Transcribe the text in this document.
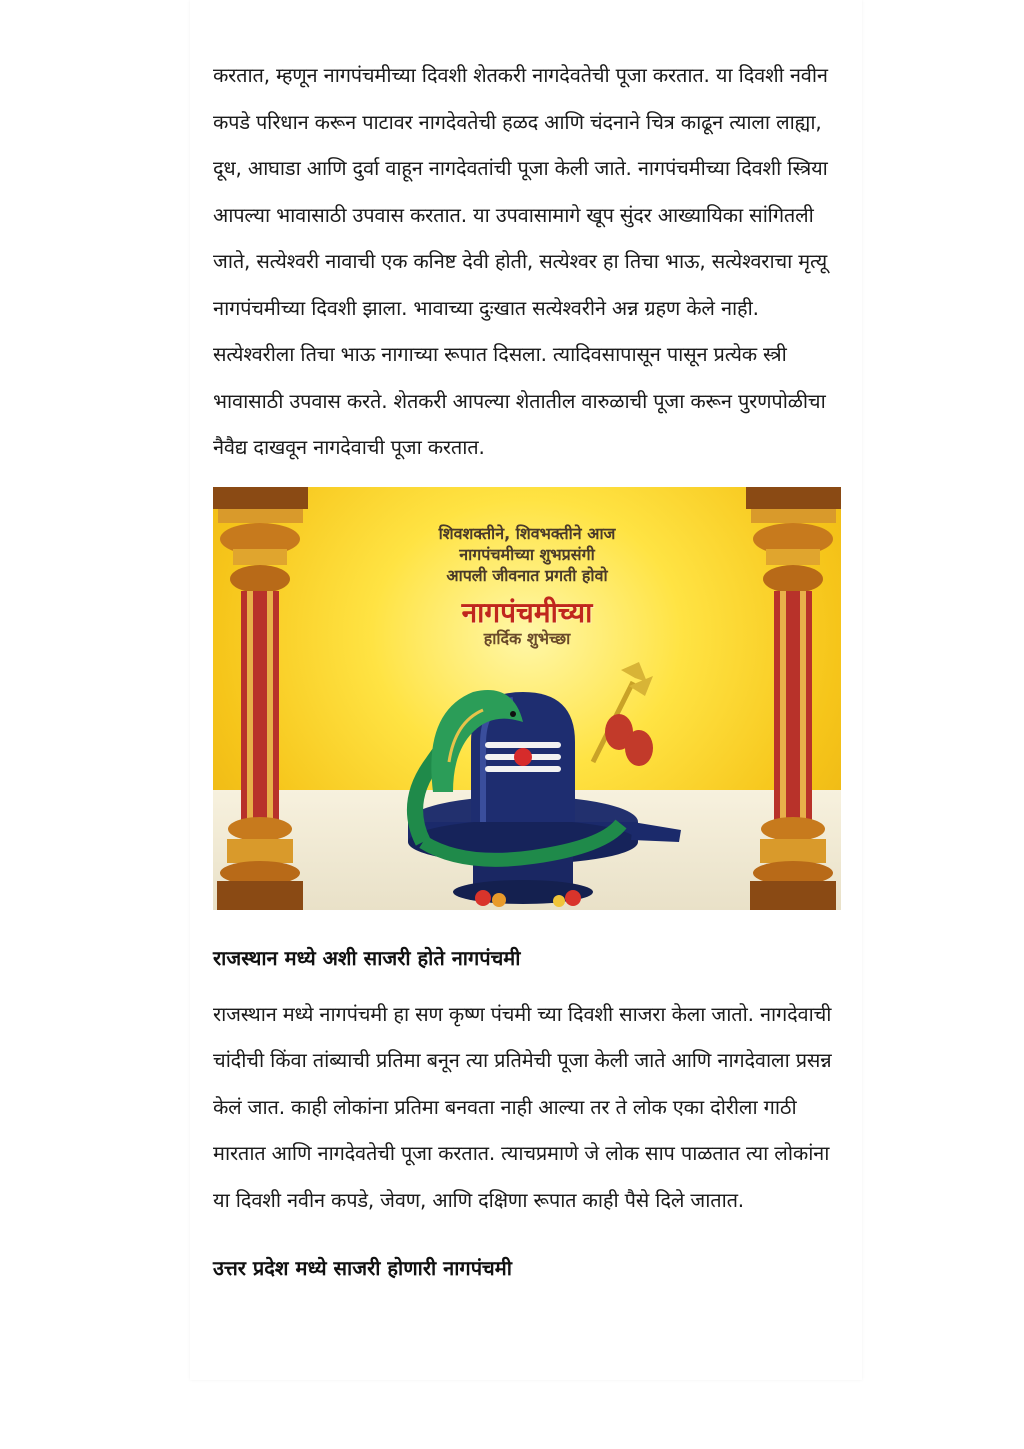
करतात, म्हणून नागपंचमीच्या दिवशी शेतकरी नागदेवतेची पूजा करतात. या दिवशी नवीन कपडे परिधान करून पाटावर नागदेवतेची हळद आणि चंदनाने चित्र काढून त्याला लाह्या, दूध, आघाडा आणि दुर्वा वाहून नागदेवतांची पूजा केली जाते. नागपंचमीच्या दिवशी स्त्रिया आपल्या भावासाठी उपवास करतात. या उपवासामागे खूप सुंदर आख्यायिका सांगितली जाते, सत्येश्वरी नावाची एक कनिष्ट देवी होती, सत्येश्वर हा तिचा भाऊ, सत्येश्वराचा मृत्यू नागपंचमीच्या दिवशी झाला. भावाच्या दुःखात सत्येश्वरीने अन्न ग्रहण केले नाही. सत्येश्वरीला तिचा भाऊ नागाच्या रूपात दिसला. त्यादिवसापासून पासून प्रत्येक स्त्री भावासाठी उपवास करते. शेतकरी आपल्या शेतातील वारुळाची पूजा करून पुरणपोळीचा नैवैद्य दाखवून नागदेवाची पूजा करतात.

शिवशक्तीने, शिवभक्तीने आज
नागपंचमीच्या शुभप्रसंगी
आपली जीवनात प्रगती होवो
नागपंचमीच्या
हार्दिक शुभेच्छा
राजस्थान मध्ये अशी साजरी होते नागपंचमी

राजस्थान मध्ये नागपंचमी हा सण कृष्ण पंचमी च्या दिवशी साजरा केला जातो. नागदेवाची चांदीची किंवा तांब्याची प्रतिमा बनून त्या प्रतिमेची पूजा केली जाते आणि नागदेवाला प्रसन्न केलं जात. काही लोकांना प्रतिमा बनवता नाही आल्या तर ते लोक एका दोरीला गाठी मारतात आणि नागदेवतेची पूजा करतात. त्याचप्रमाणे जे लोक साप पाळतात त्या लोकांना या दिवशी नवीन कपडे, जेवण, आणि दक्षिणा रूपात काही पैसे दिले जातात.

उत्तर प्रदेश मध्ये साजरी होणारी नागपंचमी
